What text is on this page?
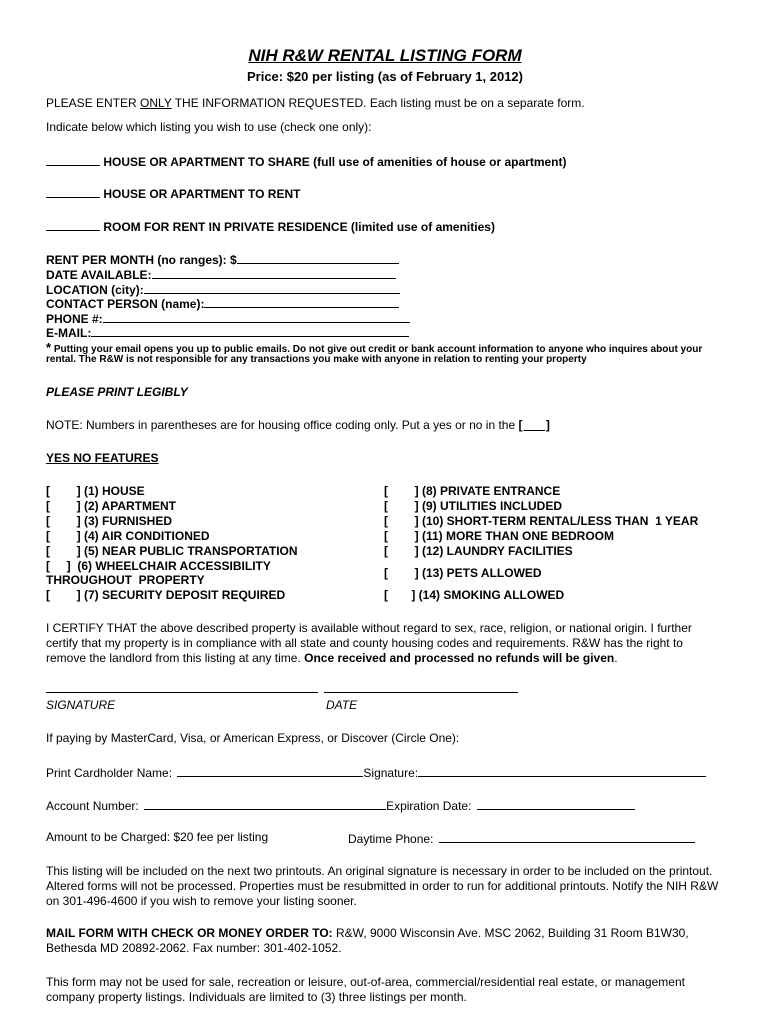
NIH R&W RENTAL LISTING FORM
Price: $20 per listing (as of February 1, 2012)
PLEASE ENTER ONLY THE INFORMATION REQUESTED. Each listing must be on a separate form.
Indicate below which listing you wish to use (check one only):
HOUSE OR APARTMENT TO SHARE (full use of amenities of house or apartment)
HOUSE OR APARTMENT TO RENT
ROOM FOR RENT IN PRIVATE RESIDENCE (limited use of amenities)
RENT PER MONTH (no ranges): $
DATE AVAILABLE:
LOCATION (city):
CONTACT PERSON (name):
PHONE #:
E-MAIL:
* Putting your email opens you up to public emails. Do not give out credit or bank account information to anyone who inquires about your
rental. The R&W is not responsible for any transactions you make with anyone in relation to renting your property
PLEASE PRINT LEGIBLY
NOTE: Numbers in parentheses are for housing office coding only. Put a yes or no in the [       ]
YES NO FEATURES
[        ] (1) HOUSE
[        ] (2) APARTMENT
[        ] (3) FURNISHED
[        ] (4) AIR CONDITIONED
[        ] (5) NEAR PUBLIC TRANSPORTATION
[     ]  (6) WHEELCHAIR ACCESSIBILITY
THROUGHOUT  PROPERTY
[        ] (7) SECURITY DEPOSIT REQUIRED
[        ] (8) PRIVATE ENTRANCE
[        ] (9) UTILITIES INCLUDED
[        ] (10) SHORT-TERM RENTAL/LESS THAN  1 YEAR
[        ] (11) MORE THAN ONE BEDROOM
[        ] (12) LAUNDRY FACILITIES
[        ] (13) PETS ALLOWED
[       ] (14) SMOKING ALLOWED
I CERTIFY THAT the above described property is available without regard to sex, race, religion, or national origin. I further certify that my property is in compliance with all state and county housing codes and requirements. R&W has the right to remove the landlord from this listing at any time. Once received and processed no refunds will be given.
SIGNATURE	DATE
If paying by MasterCard, Visa, or American Express, or Discover (Circle One):
Print Cardholder Name:	Signature:
Account Number:	Expiration Date:
Amount to be Charged: $20 fee per listing	Daytime Phone:
This listing will be included on the next two printouts. An original signature is necessary in order to be included on the printout. Altered forms will not be processed. Properties must be resubmitted in order to run for additional printouts. Notify the NIH R&W on 301-496-4600 if you wish to remove your listing sooner.
MAIL FORM WITH CHECK OR MONEY ORDER TO: R&W, 9000 Wisconsin Ave. MSC 2062, Building 31 Room B1W30, Bethesda MD 20892-2062. Fax number: 301-402-1052.
This form may not be used for sale, recreation or leisure, out-of-area, commercial/residential real estate, or management company property listings. Individuals are limited to (3) three listings per month.
